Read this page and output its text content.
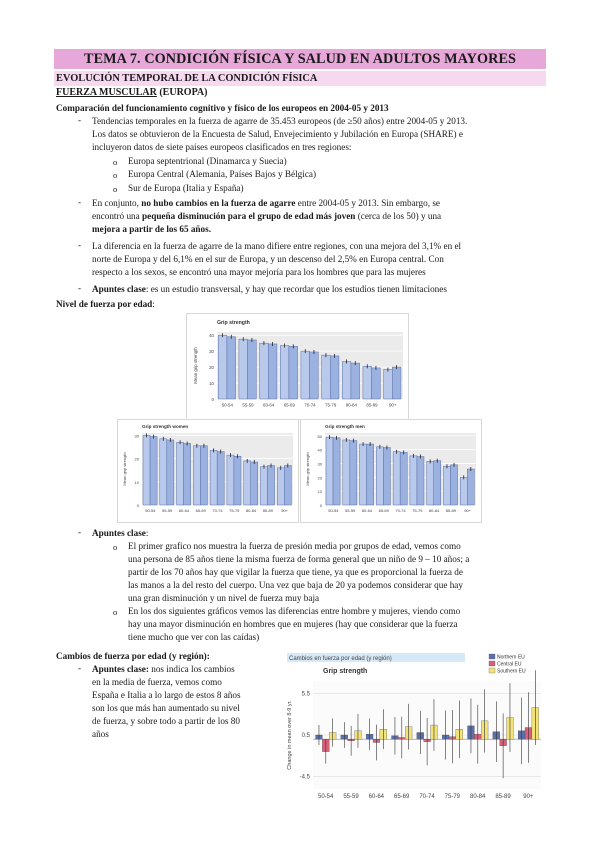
TEMA 7. CONDICIÓN FÍSICA Y SALUD EN ADULTOS MAYORES
EVOLUCIÓN TEMPORAL DE LA CONDICIÓN FÍSICA
FUERZA MUSCULAR (EUROPA)
Comparación del funcionamiento cognitivo y físico de los europeos en 2004-05 y 2013
- Tendencias temporales en la fuerza de agarre de 35.453 europeos (de ≥50 años) entre 2004-05 y 2013.
Los datos se obtuvieron de la Encuesta de Salud, Envejecimiento y Jubilación en Europa (SHARE) e
incluyeron datos de siete países europeos clasificados en tres regiones:
o Europa septentrional (Dinamarca y Suecia)
o Europa Central (Alemania, Países Bajos y Bélgica)
o Sur de Europa (Italia y España)
- En conjunto, no hubo cambios en la fuerza de agarre entre 2004-05 y 2013. Sin embargo, se
encontró una pequeña disminución para el grupo de edad más joven (cerca de los 50) y una
mejora a partir de los 65 años.
- La diferencia en la fuerza de agarre de la mano difiere entre regiones, con una mejora del 3,1% en el
norte de Europa y del 6,1% en el sur de Europa, y un descenso del 2,5% en Europa central. Con
respecto a los sexos, se encontró una mayor mejoría para los hombres que para las mujeres
- Apuntes clase: es un estudio transversal, y hay que recordar que los estudios tienen limitaciones
Nivel de fuerza por edad:
Grip strength
0
10
20
30
40
50-54 55-59 60-64 65-69 70-74 75-79 80-84 85-89	90+
Mean grip strength
Grip strength women
0
10
20
30
50-54 55-59 60-64 65-69 70-74 75-79 80-84 85-89 90+
Mean grip strength
Grip strength men
0
10
20
30
40
50
50-54 55-59 60-64 65-69 70-74 75-79 80-84 85-89 90+
Mean grip strength
- Apuntes clase:
o El primer grafico nos muestra la fuerza de presión media por grupos de edad, vemos como
una persona de 85 años tiene la misma fuerza de forma general que un niño de 9 – 10 años; a
partir de los 70 años hay que vigilar la fuerza que tiene, ya que es proporcional la fuerza de
las manos a la del resto del cuerpo. Una vez que baja de 20 ya podemos considerar que hay
una gran disminución y un nivel de fuerza muy baja
o En los dos siguientes gráficos vemos las diferencias entre hombre y mujeres, viendo como
hay una mayor disminución en hombres que en mujeres (hay que considerar que la fuerza
tiene mucho que ver con las caídas)
Cambios de fuerza por edad (y región):
- Apuntes clase: nos indica los cambios
en la media de fuerza, vemos como
España e Italia a lo largo de estos 8 años
son los que más han aumentado su nivel
de fuerza, y sobre todo a partir de los 80
años
Cambios en fuerza por edad (y región)
Grip strength
Northern EU
Central EU
Southern EU
-4.5
0.5
5.5
50-54 55-59 60-64 65-69 70-74 75-79 80-84 85-89 90+
Change in mean over 8-9 yr.
